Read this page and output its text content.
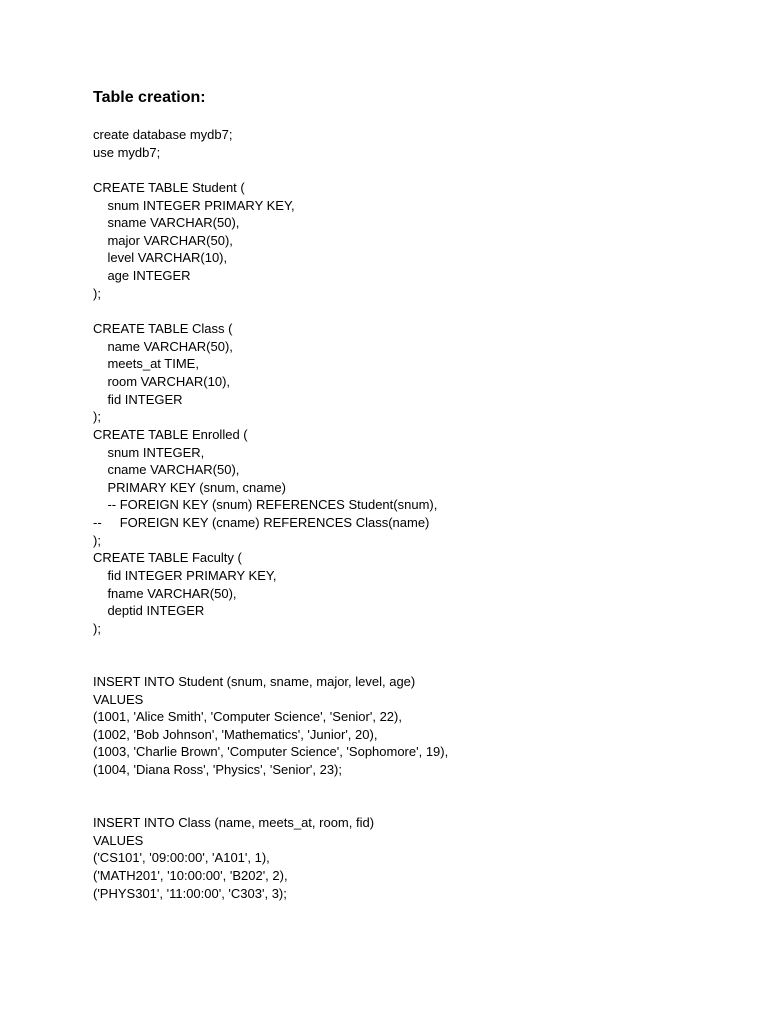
Table creation:
create database mydb7;
use mydb7;
CREATE TABLE Student (
snum INTEGER PRIMARY KEY,
sname VARCHAR(50),
major VARCHAR(50),
level VARCHAR(10),
age INTEGER
);
CREATE TABLE Class (
name VARCHAR(50),
meets_at TIME,
room VARCHAR(10),
fid INTEGER
);
CREATE TABLE Enrolled (
snum INTEGER,
cname VARCHAR(50),
PRIMARY KEY (snum, cname)
-- FOREIGN KEY (snum) REFERENCES Student(snum),
--     FOREIGN KEY (cname) REFERENCES Class(name)
);
CREATE TABLE Faculty (
fid INTEGER PRIMARY KEY,
fname VARCHAR(50),
deptid INTEGER
);
INSERT INTO Student (snum, sname, major, level, age)
VALUES
(1001, 'Alice Smith', 'Computer Science', 'Senior', 22),
(1002, 'Bob Johnson', 'Mathematics', 'Junior', 20),
(1003, 'Charlie Brown', 'Computer Science', 'Sophomore', 19),
(1004, 'Diana Ross', 'Physics', 'Senior', 23);
INSERT INTO Class (name, meets_at, room, fid)
VALUES
('CS101', '09:00:00', 'A101', 1),
('MATH201', '10:00:00', 'B202', 2),
('PHYS301', '11:00:00', 'C303', 3);
